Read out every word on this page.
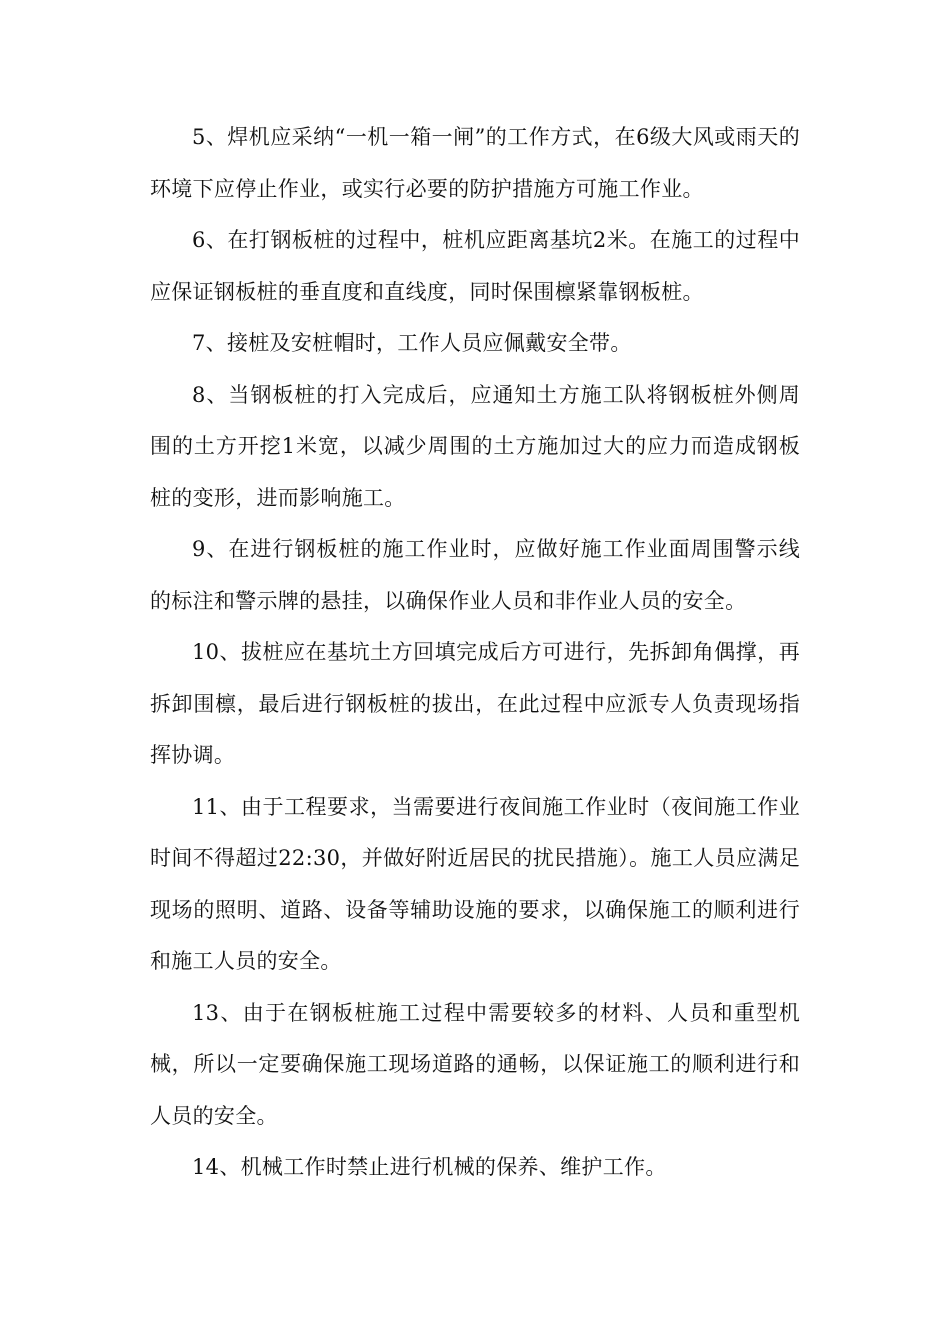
5、焊机应采纳“一机一箱一闸”的工作方式，在6级大风或雨天的环境下应停止作业，或实行必要的防护措施方可施工作业。

6、在打钢板桩的过程中，桩机应距离基坑2米。在施工的过程中应保证钢板桩的垂直度和直线度，同时保围檩紧靠钢板桩。

7、接桩及安桩帽时，工作人员应佩戴安全带。

8、当钢板桩的打入完成后，应通知土方施工队将钢板桩外侧周围的土方开挖1米宽，以减少周围的土方施加过大的应力而造成钢板桩的变形，进而影响施工。

9、在进行钢板桩的施工作业时，应做好施工作业面周围警示线的标注和警示牌的悬挂，以确保作业人员和非作业人员的安全。

10、拔桩应在基坑土方回填完成后方可进行，先拆卸角偶撑，再拆卸围檩，最后进行钢板桩的拔出，在此过程中应派专人负责现场指挥协调。

11、由于工程要求，当需要进行夜间施工作业时（夜间施工作业时间不得超过22:30，并做好附近居民的扰民措施）。施工人员应满足现场的照明、道路、设备等辅助设施的要求，以确保施工的顺利进行和施工人员的安全。

13、由于在钢板桩施工过程中需要较多的材料、人员和重型机械，所以一定要确保施工现场道路的通畅，以保证施工的顺利进行和人员的安全。

14、机械工作时禁止进行机械的保养、维护工作。
